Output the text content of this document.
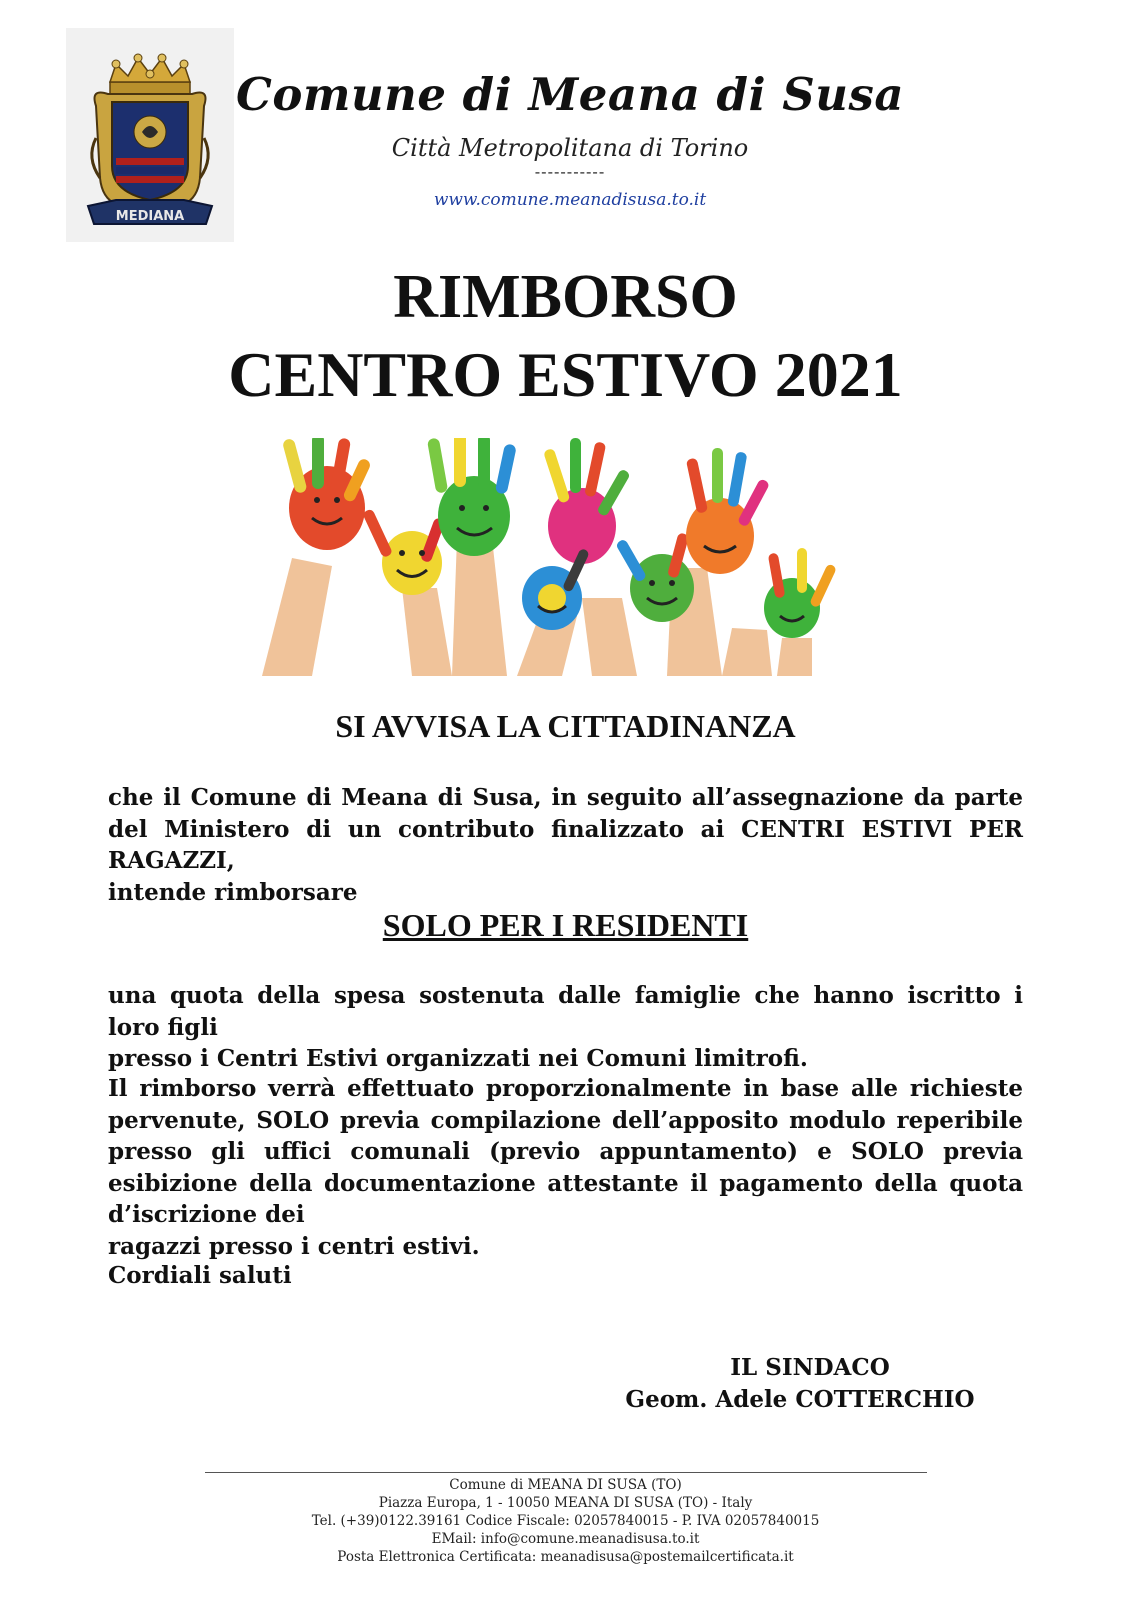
MEDIANA
Comune di Meana di Susa
Città Metropolitana di Torino
-----------
www.comune.meanadisusa.to.it
RIMBORSO
CENTRO ESTIVO 2021
SI AVVISA LA CITTADINANZA
che il Comune di Meana di Susa, in seguito all’assegnazione da parte del Ministero di un contributo finalizzato ai CENTRI ESTIVI PER RAGAZZI,
intende rimborsare
SOLO PER I RESIDENTI
una quota della spesa sostenuta dalle famiglie che hanno iscritto i loro figli
presso i Centri Estivi organizzati nei Comuni limitrofi.
Il rimborso verrà effettuato proporzionalmente in base alle richieste pervenute, SOLO previa compilazione dell’apposito modulo reperibile presso gli uffici comunali (previo appuntamento) e SOLO previa esibizione della documentazione attestante il pagamento della quota d’iscrizione dei
ragazzi presso i centri estivi.
Cordiali saluti
IL SINDACO
Geom. Adele COTTERCHIO
Comune di MEANA DI SUSA (TO)
Piazza Europa, 1 - 10050 MEANA DI SUSA (TO) - Italy
Tel. (+39)0122.39161 Codice Fiscale: 02057840015 - P. IVA 02057840015
EMail: info@comune.meanadisusa.to.it
Posta Elettronica Certificata: meanadisusa@postemailcertificata.it
